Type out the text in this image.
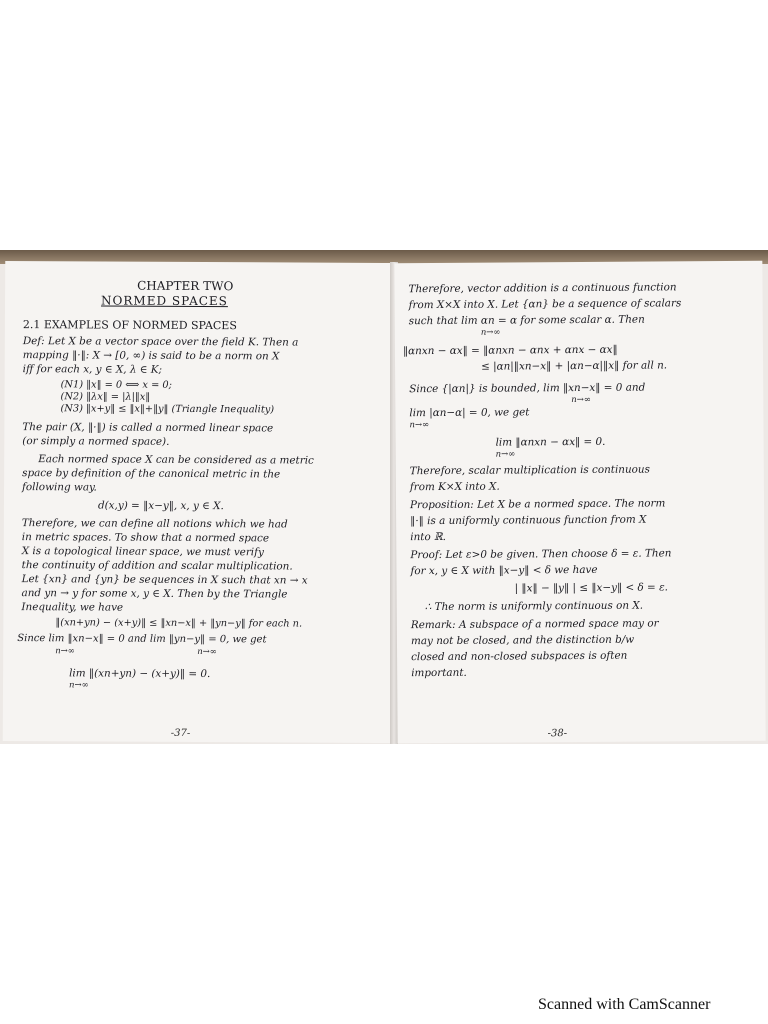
CHAPTER TWO
NORMED SPACES
2.1 EXAMPLES OF NORMED SPACES
Def: Let X be a vector space over the field K. Then a
mapping ‖·‖: X → [0, ∞) is said to be a norm on X
iff for each x, y ∈ X, λ ∈ K;
(N1) ‖x‖ = 0 ⟺ x = 0;
(N2) ‖λx‖ = |λ|‖x‖
(N3) ‖x+y‖ ≤ ‖x‖+‖y‖ (Triangle Inequality)
The pair (X, ‖·‖) is called a normed linear space
(or simply a normed space).
Each normed space X can be considered as a metric
space by definition of the canonical metric in the
following way.
d(x,y) = ‖x−y‖, x, y ∈ X.
Therefore, we can define all notions which we had
in metric spaces. To show that a normed space
X is a topological linear space, we must verify
the continuity of addition and scalar multiplication.
Let {xn} and {yn} be sequences in X such that xn → x
and yn → y for some x, y ∈ X. Then by the Triangle
Inequality, we have
‖(xn+yn) − (x+y)‖ ≤ ‖xn−x‖ + ‖yn−y‖ for each n.
Since lim ‖xn−x‖ = 0 and lim ‖yn−y‖ = 0, we get
n→∞	n→∞
lim ‖(xn+yn) − (x+y)‖ = 0.
n→∞
-37-
Therefore, vector addition is a continuous function
from X×X into X. Let {αn} be a sequence of scalars
such that lim αn = α for some scalar α. Then
n→∞
‖αnxn − αx‖ = ‖αnxn − αnx + αnx − αx‖
≤ |αn|‖xn−x‖ + |αn−α|‖x‖ for all n.
Since {|αn|} is bounded, lim ‖xn−x‖ = 0 and
n→∞
lim |αn−α| = 0, we get
n→∞
lim ‖αnxn − αx‖ = 0.
n→∞
Therefore, scalar multiplication is continuous
from K×X into X.
Proposition: Let X be a normed space. The norm
‖·‖ is a uniformly continuous function from X
into ℝ.
Proof: Let ε>0 be given. Then choose δ = ε. Then
for x, y ∈ X with ‖x−y‖ < δ we have
| ‖x‖ − ‖y‖ | ≤ ‖x−y‖ < δ = ε.
∴ The norm is uniformly continuous on X.
Remark: A subspace of a normed space may or
may not be closed, and the distinction b/w
closed and non-closed subspaces is often
important.
-38-
Scanned with CamScanner
